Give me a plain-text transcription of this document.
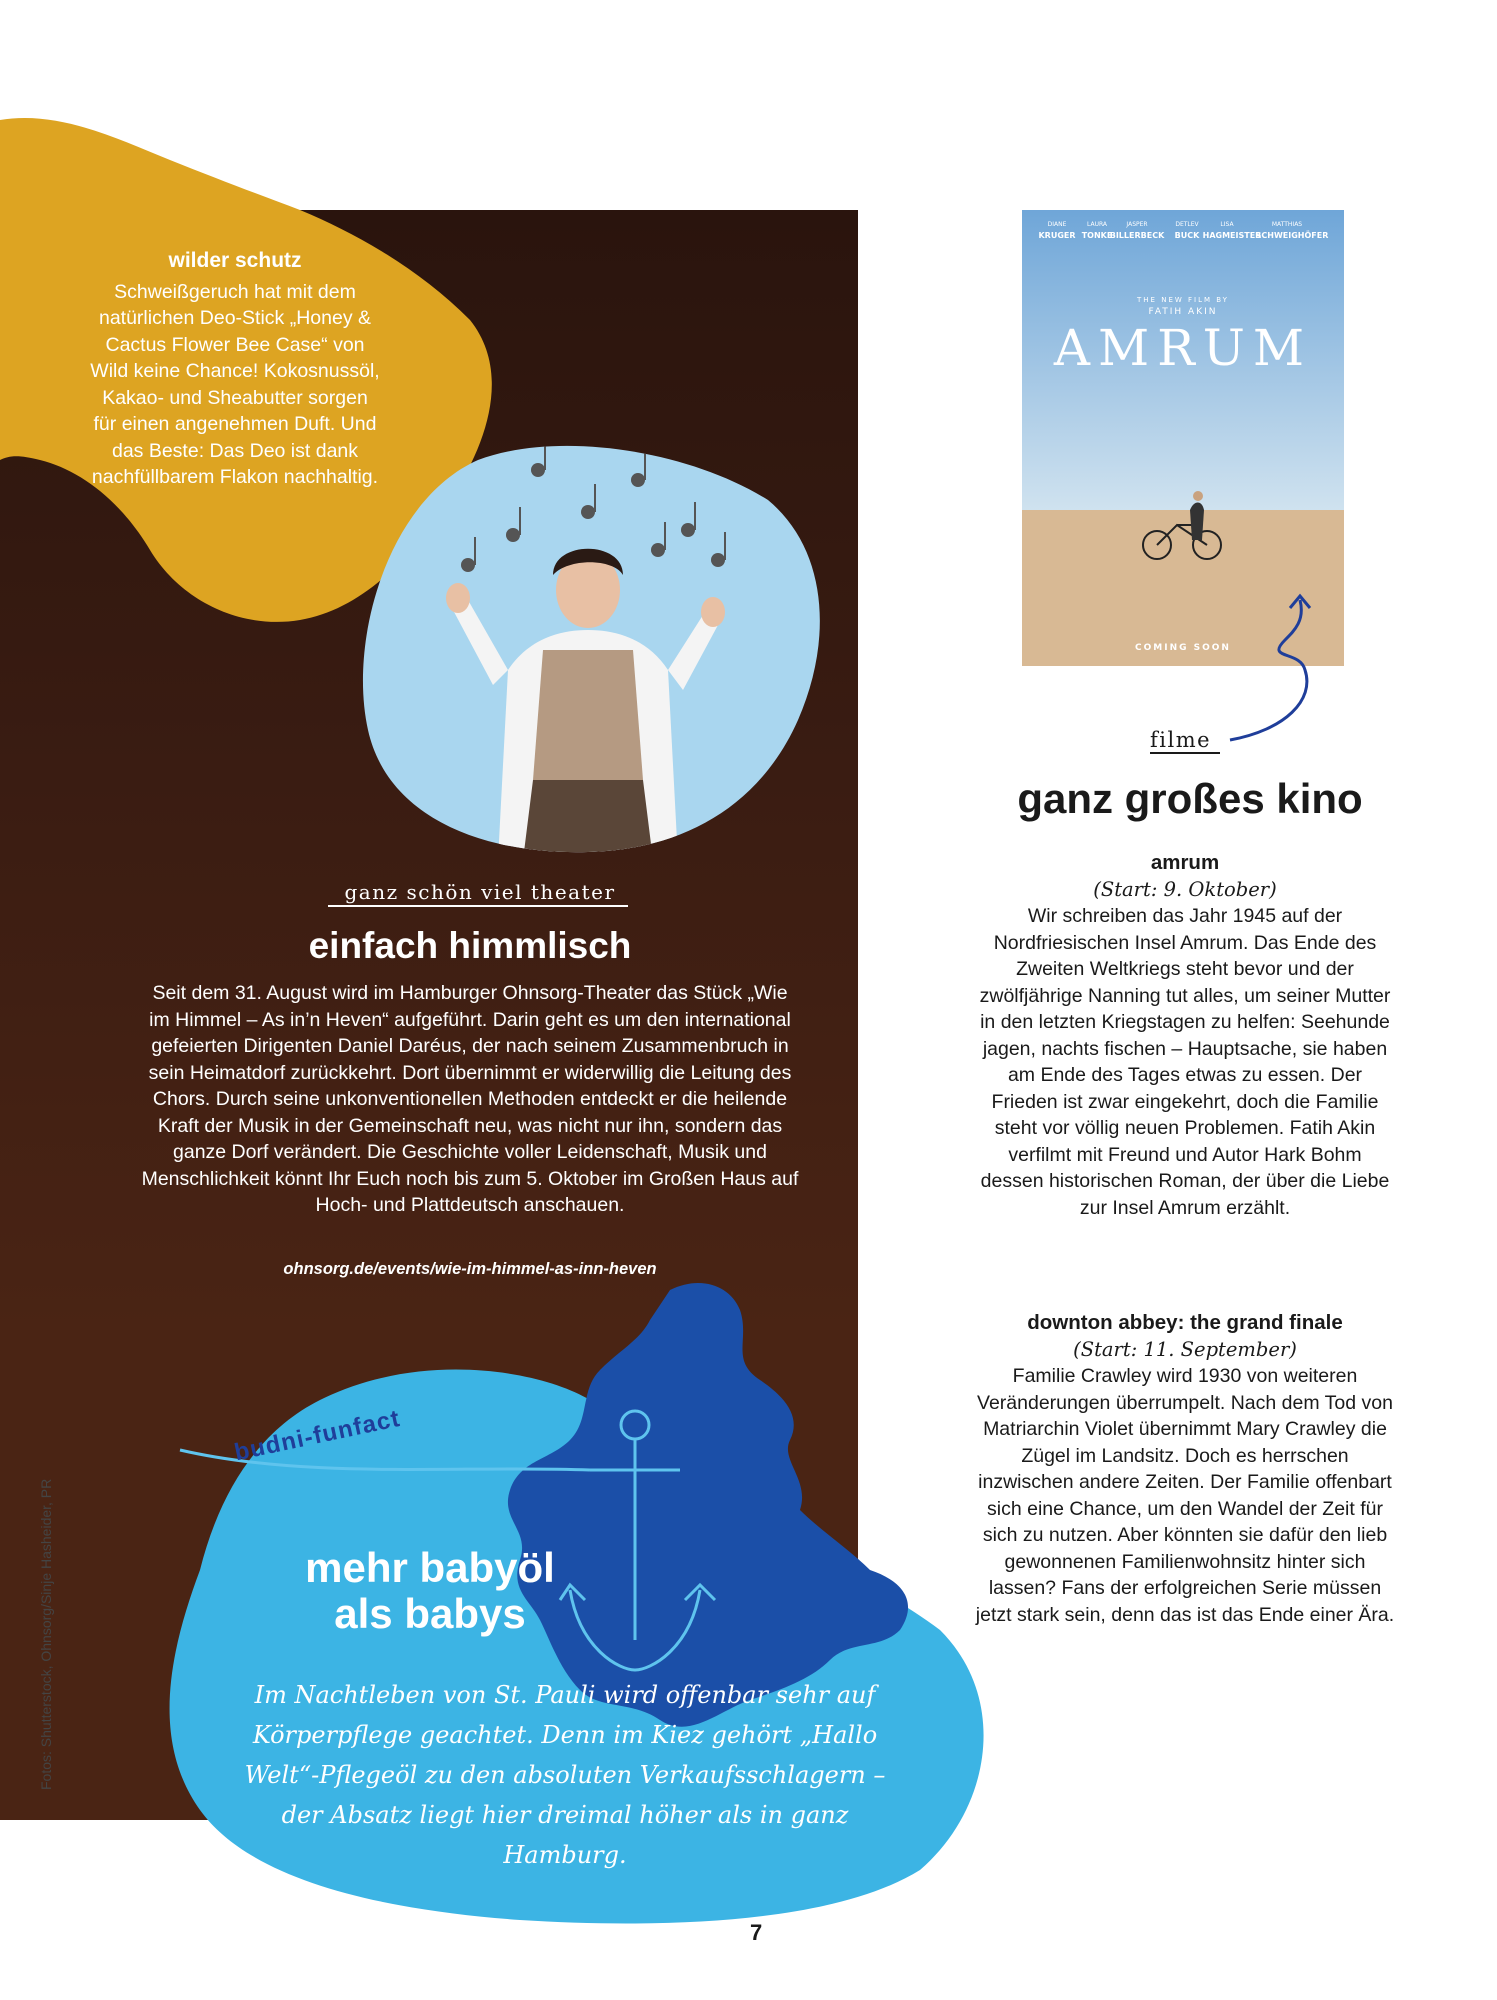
wilder schutz
Schweißgeruch hat mit dem natürlichen Deo-Stick „Honey & Cactus Flower Bee Case“ von Wild keine Chance! Kokosnussöl, Kakao- und Sheabutter sorgen für einen angenehmen Duft. Und das Beste: Das Deo ist dank nachfüllbarem Flakon nachhaltig.
ganz schön viel theater
einfach himmlisch
Seit dem 31. August wird im Hamburger Ohnsorg-Theater das Stück „Wie im Himmel – As in’n Heven“ aufgeführt. Darin geht es um den international gefeierten Dirigenten Daniel Daréus, der nach seinem Zusammenbruch in sein Heimatdorf zurückkehrt. Dort übernimmt er widerwillig die Leitung des Chors. Durch seine unkonventionellen Methoden entdeckt er die heilende Kraft der Musik in der Gemeinschaft neu, was nicht nur ihn, sondern das ganze Dorf verändert. Die Geschichte voller Leidenschaft, Musik und Menschlichkeit könnt Ihr Euch noch bis zum 5. Oktober im Großen Haus auf Hoch- und Plattdeutsch anschauen.
ohnsorg.de/events/wie-im-himmel-as-inn-heven
Fotos: Shutterstock, Ohnsorg/Sinje Hasheider, PR
budni-funfact
mehr babyöl
als babys
Im Nachtleben von St. Pauli wird offenbar sehr auf Körperpflege geachtet. Denn im Kiez gehört „Hallo Welt“-Pflegeöl zu den absoluten Verkaufsschlagern – der Absatz liegt hier dreimal höher als in ganz Hamburg.
7
DIANE	LAURA	JASPER	DETLEV	LISA	MATTHIAS
KRUGER TONKE
BILLERBECK BUCK HAGMEISTER
SCHWEIGHÖFER
THE NEW FILM BY
FATIH AKIN
AMRUM
COMING SOON
filme
ganz großes kino
amrum
(Start: 9. Oktober)
Wir schreiben das Jahr 1945 auf der Nordfriesischen Insel Amrum. Das Ende des Zweiten Weltkriegs steht bevor und der zwölfjährige Nanning tut alles, um seiner Mutter in den letzten Kriegstagen zu helfen: Seehunde jagen, nachts fischen – Hauptsache, sie haben am Ende des Tages etwas zu essen. Der Frieden ist zwar eingekehrt, doch die Familie steht vor völlig neuen Problemen. Fatih Akin verfilmt mit Freund und Autor Hark Bohm dessen historischen Roman, der über die Liebe zur Insel Amrum erzählt.
downton abbey: the grand finale
(Start: 11. September)
Familie Crawley wird 1930 von weiteren Veränderungen überrumpelt. Nach dem Tod von Matriarchin Violet übernimmt Mary Crawley die Zügel im Landsitz. Doch es herrschen inzwischen andere Zeiten. Der Familie offenbart sich eine Chance, um den Wandel der Zeit für sich zu nutzen. Aber könnten sie dafür den lieb gewonnenen Familienwohnsitz hinter sich lassen? Fans der erfolgreichen Serie müssen jetzt stark sein, denn das ist das Ende einer Ära.
